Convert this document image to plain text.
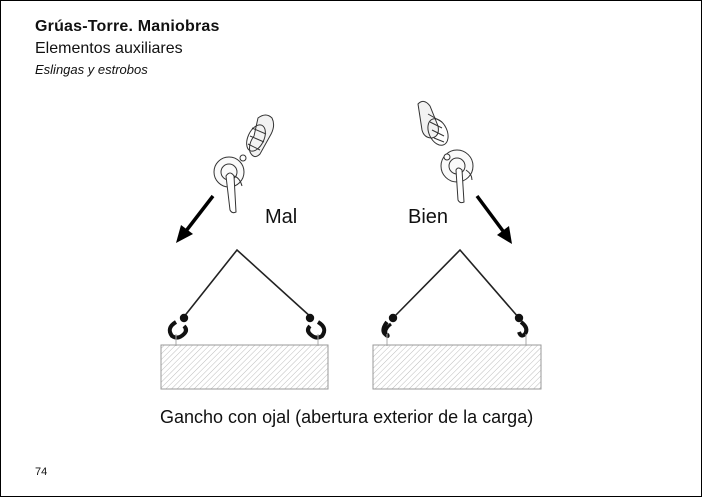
Grúas-Torre. Maniobras
Elementos auxiliares
Eslingas y estrobos
Mal	Bien
Gancho con ojal (abertura exterior de la carga)
74
